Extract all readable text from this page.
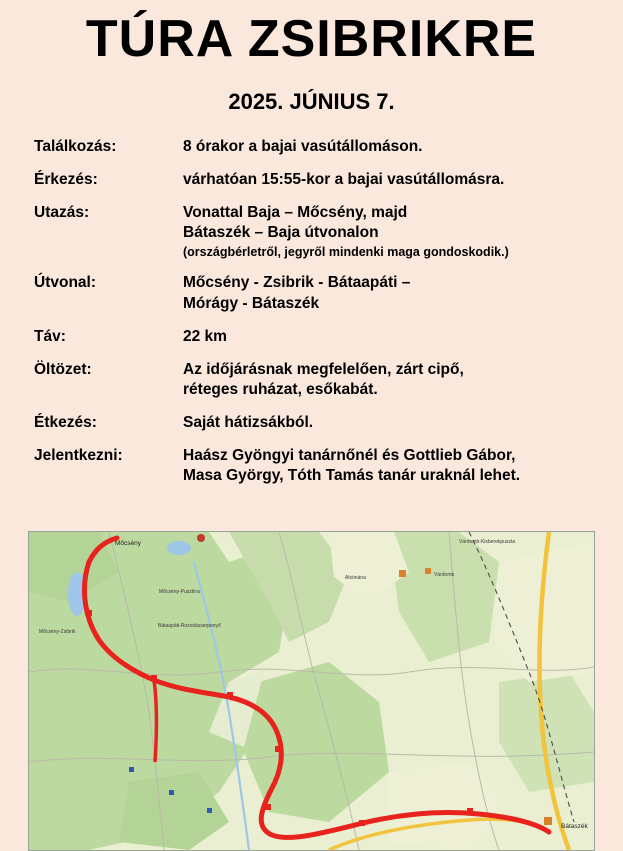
TÚRA ZSIBRIKRE
2025. JÚNIUS 7.
Találkozás:	8 órakor a bajai vasútállomáson.
Érkezés:	várhatóan 15:55-kor a bajai vasútállomásra.
Utazás:	Vonattal Baja – Mőcsény, majd
Bátaszék – Baja útvonalon
(országbérletről, jegyről mindenki maga gondoskodik.)
Útvonal:	Mőcsény - Zsibrik - Bátaapáti –
Mórágy - Bátaszék
Táv:	22 km
Öltözet:	Az időjárásnak megfelelően, zárt cipő,
réteges ruházat, esőkabát.
Étkezés:	Saját hátizsákból.
Jelentkezni:	Haász Gyöngyi tanárnőnél és Gottlieb Gábor,
Masa György, Tóth Tamás tanár uraknál lehet.
Mőcsény
Mőcsény-Pusztina
Mőcsény-Zsibrik
Bátaapáti-Rozsdásserpenyő
Alsónána	Várdomb
Várdomb-Kisberekpuszta
Bátaszék
